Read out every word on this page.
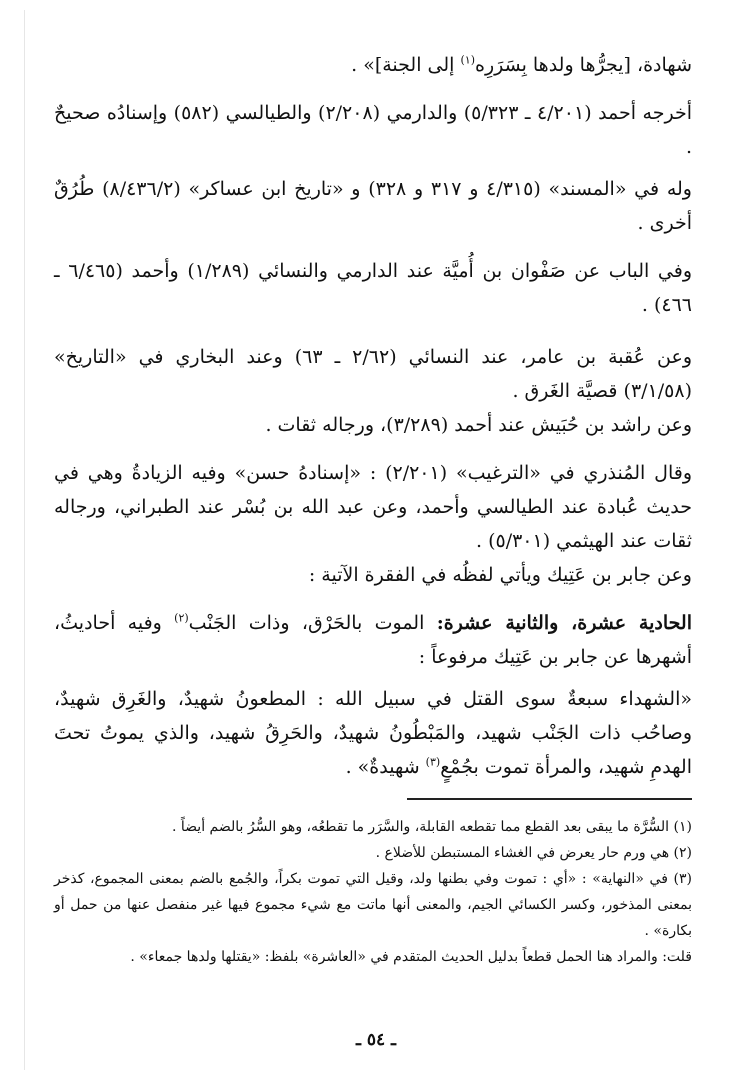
شهادة، [يجرُّها ولدها بِسَرَرِه$^{(١)}$ إلى الجنة]» .

أخرجه أحمد (٤/٢٠١ ـ ٥/٣٢٣) والدارمي (٢/٢٠٨) والطيالسي (٥٨٢) وإسنادُه صحيحٌ .

وله في «المسند» (٤/٣١٥ و ٣١٧ و ٣٢٨) و «تاريخ ابن عساكر» (٨/٤٣٦/٢) طُرُقٌ أخرى .

وفي الباب عن صَفْوان بن أُميَّة عند الدارمي والنسائي (١/٢٨٩) وأحمد (٦/٤٦٥ ـ ٤٦٦) .

وعن عُقبة بن عامر، عند النسائي (٢/٦٢ ـ ٦٣) وعند البخاري في «التاريخ» (٣/١/٥٨) قصيَّة الغَرق .

وعن راشد بن حُبَيش عند أحمد (٣/٢٨٩)، ورجاله ثقات .

وقال المُنذري في «الترغيب» (٢/٢٠١) : «إسنادهُ حسن» وفيه الزيادةُ وهي في حديث عُبادة عند الطيالسي وأحمد، وعن عبد الله بن بُسْر عند الطبراني، ورجاله ثقات عند الهيثمي (٥/٣٠١) .

وعن جابر بن عَتِيك ويأتي لفظُه في الفقرة الآتية :

الحادية عشرة، والثانية عشرة: الموت بالحَرْق، وذات الجَنْب$^{(٢)}$ وفيه أحاديثُ، أشهرها عن جابر بن عَتِيك مرفوعاً :

«الشهداء سبعةٌ سوى القتل في سبيل الله : المطعونُ شهيدٌ، والغَرِق شهيدٌ، وصاحُب ذات الجَنْب شهيد، والمَبْطُونُ شهيدٌ، والحَرِقُ شهيد، والذي يموتُ تحتَ الهدمِ شهيد، والمرأة تموت بجُمْعٍ$^{(٣)}$ شهيدةٌ» .

(١) السُّرَّة ما يبقى بعد القطع مما تقطعه القابلة، والسَّرَر ما تقطعُه، وهو السُّرُ بالضم أيضاً .

(٢) هي ورم حار يعرض في الغشاء المستبطن للأضلاع .

(٣) في «النهاية» : «أي : تموت وفي بطنها ولد، وقيل التي تموت بكراً، والجُمع بالضم بمعنى المجموع، كذخر بمعنى المذخور، وكسر الكسائي الجيم، والمعنى أنها ماتت مع شيء مجموع فيها غير منفصل عنها من حمل أو بكارة» .

قلت: والمراد هنا الحمل قطعاً بدليل الحديث المتقدم في «العاشرة» بلفظ: «يقتلها ولدها جمعاء» .

ـ ٥٤ ـ
